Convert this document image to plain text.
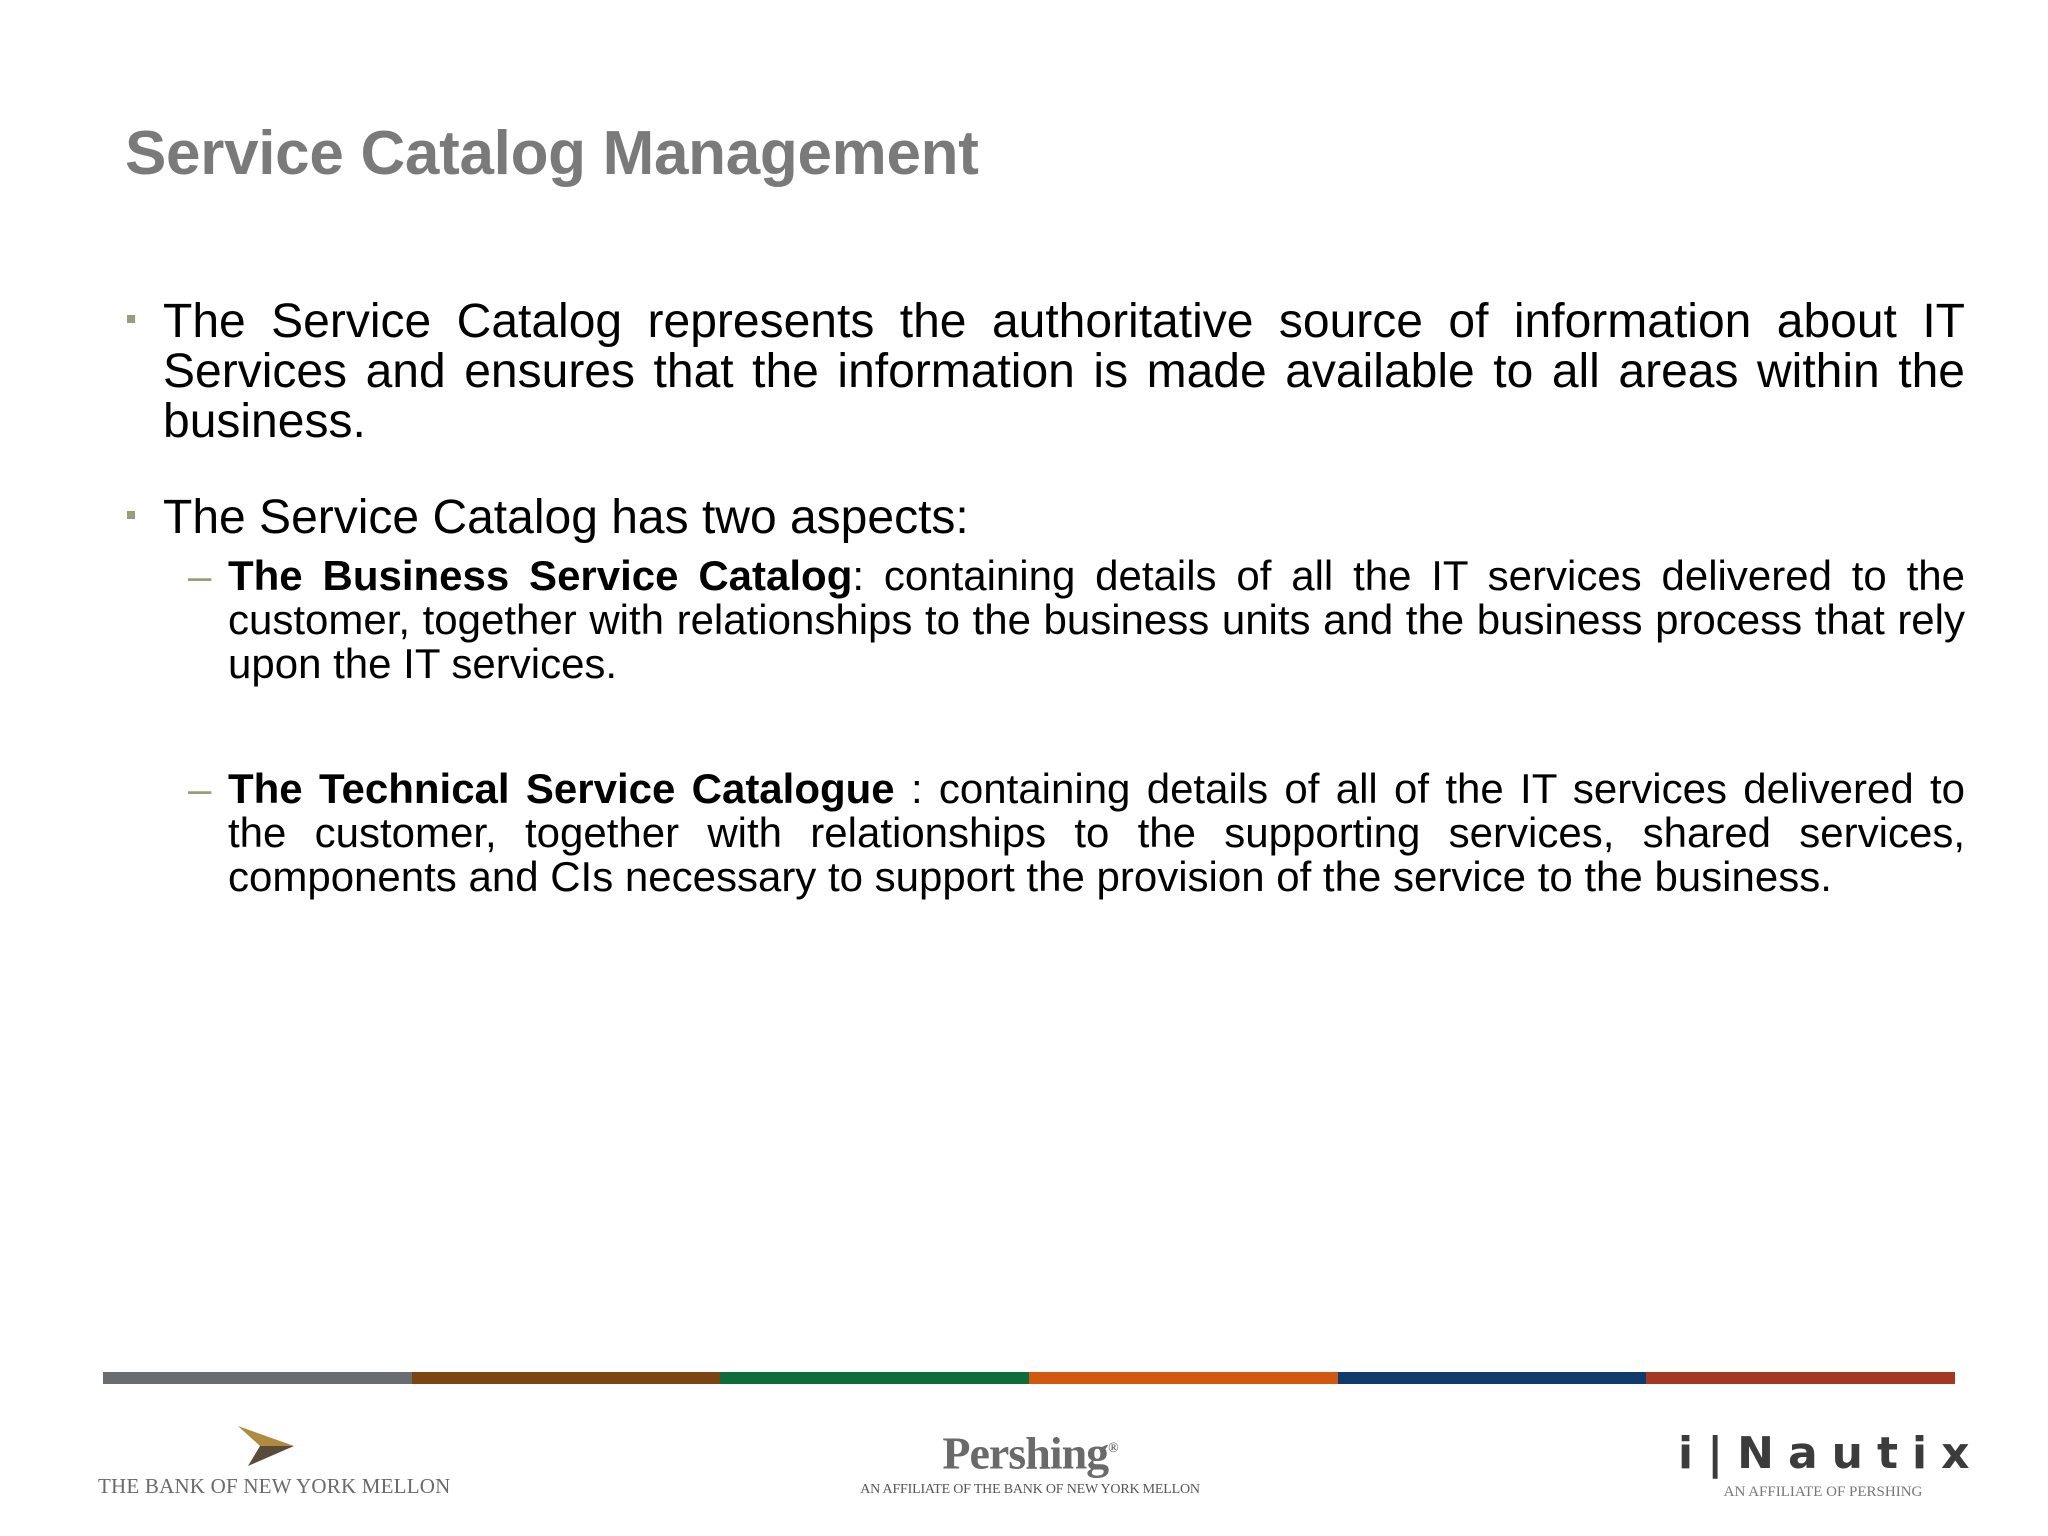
Service Catalog Management
The Service Catalog represents the authoritative source of information about IT Services and ensures that the information is made available to all areas within the business.
The Service Catalog has two aspects:
– The Business Service Catalog: containing details of all the IT services delivered to the customer, together with relationships to the business units and the business process that rely upon the IT services.
– The Technical Service Catalogue : containing details of all of the IT services delivered to the customer, together with relationships to the supporting services, shared services, components and CIs necessary to support the provision of the service to the business.
THE BANK OF NEW YORK MELLON
Pershing®
AN AFFILIATE OF THE BANK OF NEW YORK MELLON
i|Nautix
AN AFFILIATE OF PERSHING
